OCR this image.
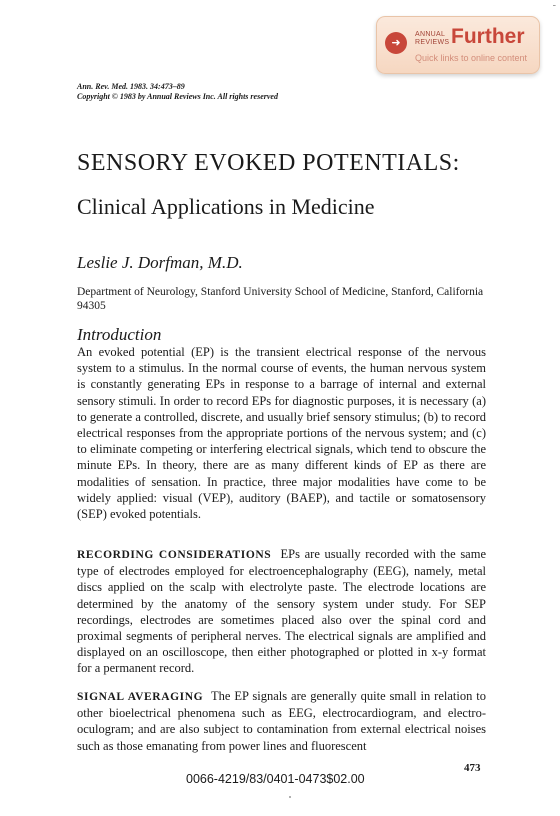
➜
ANNUAL
REVIEWS Further
Quick links to online content
-
Ann. Rev. Med. 1983. 34:473–89
Copyright © 1983 by Annual Reviews Inc. All rights reserved
SENSORY EVOKED POTENTIALS:
Clinical Applications in Medicine
Leslie J. Dorfman, M.D.
Department of Neurology, Stanford University School of Medicine, Stanford, California 94305
Introduction

An evoked potential (EP) is the transient electrical response of the nervous system to a stimulus. In the normal course of events, the human nervous system is constantly generating EPs in response to a barrage of internal and external sensory stimuli. In order to record EPs for diagnostic purposes, it is necessary (a) to generate a controlled, discrete, and usually brief sensory stimulus; (b) to record electrical responses from the appropriate portions of the nervous system; and (c) to eliminate competing or interfering electrical signals, which tend to obscure the minute EPs. In theory, there are as many different kinds of EP as there are modalities of sensation. In practice, three major modalities have come to be widely applied: visual (VEP), auditory (BAEP), and tactile or somatosensory (SEP) evoked potentials.

RECORDING CONSIDERATIONS EPs are usually recorded with the same type of electrodes employed for electroencephalography (EEG), namely, metal discs applied on the scalp with electrolyte paste. The electrode locations are determined by the anatomy of the sensory system under study. For SEP recordings, electrodes are sometimes placed also over the spinal cord and proximal segments of peripheral nerves. The electrical signals are amplified and displayed on an oscilloscope, then either photographed or plotted in x-y format for a permanent record.

SIGNAL AVERAGING The EP signals are generally quite small in relation to other bioelectrical phenomena such as EEG, electrocardiogram, and electro-oculogram; and are also subject to contamination from external electrical noises such as those emanating from power lines and fluorescent

473
0066-4219/83/0401-0473$02.00
